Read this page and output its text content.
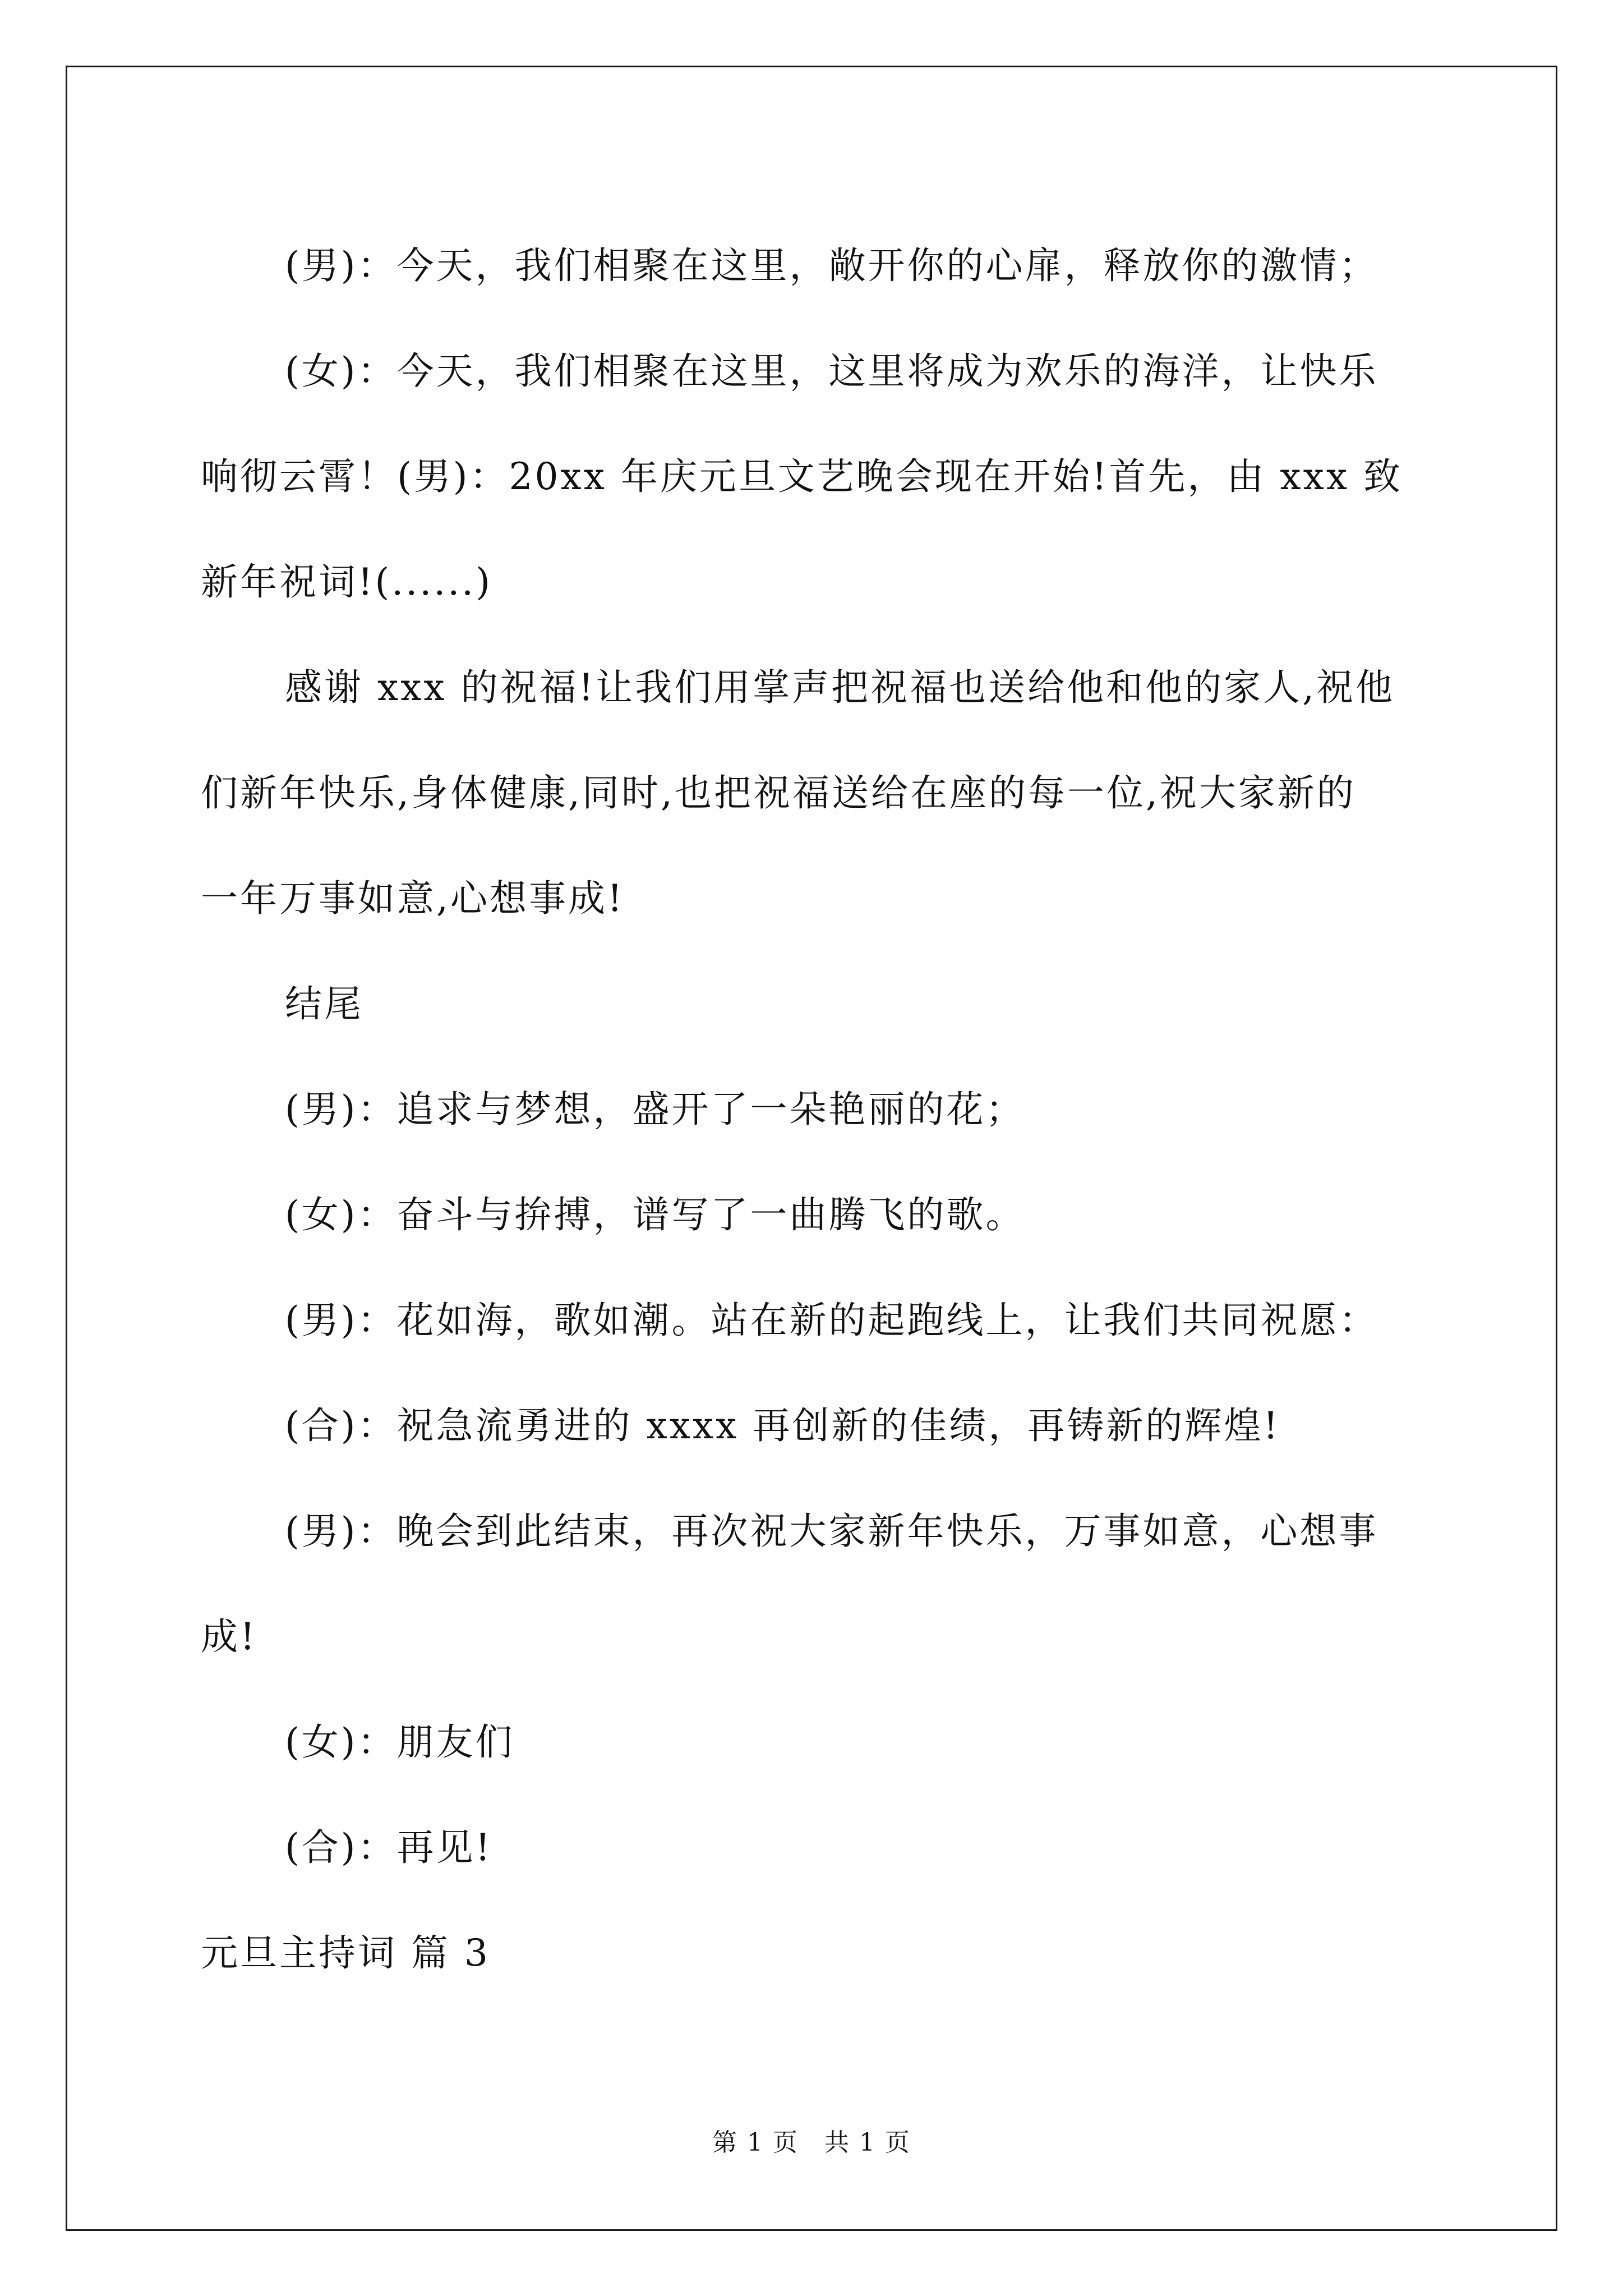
(男)：今天，我们相聚在这里，敞开你的心扉，释放你的激情；
(女)：今天，我们相聚在这里，这里将成为欢乐的海洋，让快乐
响彻云霄！(男)：20xx 年庆元旦文艺晚会现在开始!首先，由 xxx 致
新年祝词!(......)
感谢 xxx 的祝福!让我们用掌声把祝福也送给他和他的家人,祝他
们新年快乐,身体健康,同时,也把祝福送给在座的每一位,祝大家新的
一年万事如意,心想事成!
结尾
(男)：追求与梦想，盛开了一朵艳丽的花；
(女)：奋斗与拚搏，谱写了一曲腾飞的歌。
(男)：花如海，歌如潮。站在新的起跑线上，让我们共同祝愿：
(合)：祝急流勇进的 xxxx 再创新的佳绩，再铸新的辉煌!
(男)：晚会到此结束，再次祝大家新年快乐，万事如意，心想事
成!
(女)：朋友们
(合)：再见!
元旦主持词 篇 3
第 1 页　共 1 页
